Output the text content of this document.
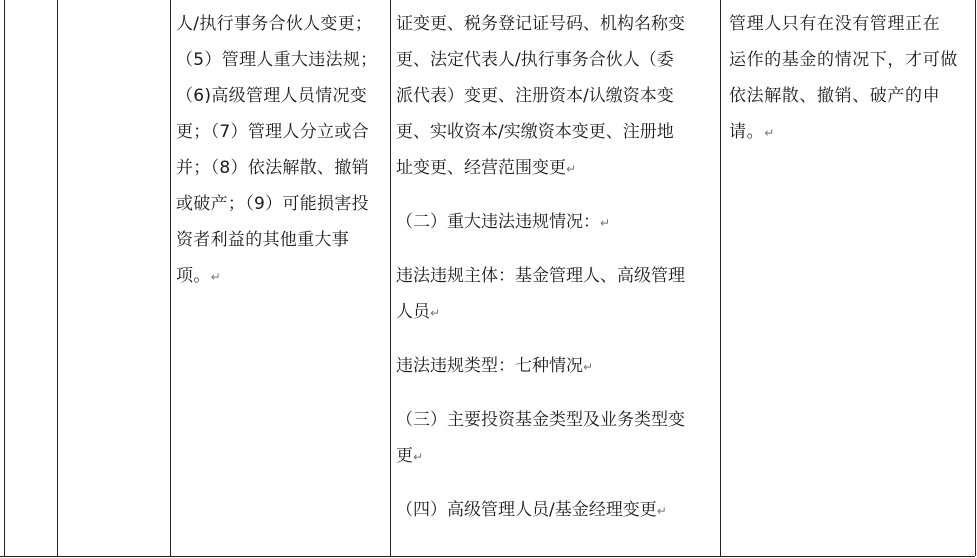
人/执行事务合伙人变更；

（5）管理人重大违法规；

（6)高级管理人员情况变

更；（7）管理人分立或合

并；（8）依法解散、撤销

或破产；（9）可能损害投

资者利益的其他重大事

项。↵

证变更、税务登记证号码、机构名称变

更、法定代表人/执行事务合伙人（委

派代表）变更、注册资本/认缴资本变

更、实收资本/实缴资本变更、注册地

址变更、经营范围变更↵

（二）重大违法违规情况：↵

违法违规主体：基金管理人、高级管理

人员↵

违法违规类型：七种情况↵

（三）主要投资基金类型及业务类型变

更↵

（四）高级管理人员/基金经理变更↵

管理人只有在没有管理正在

运作的基金的情况下，才可做

依法解散、撤销、破产的申请。↵
